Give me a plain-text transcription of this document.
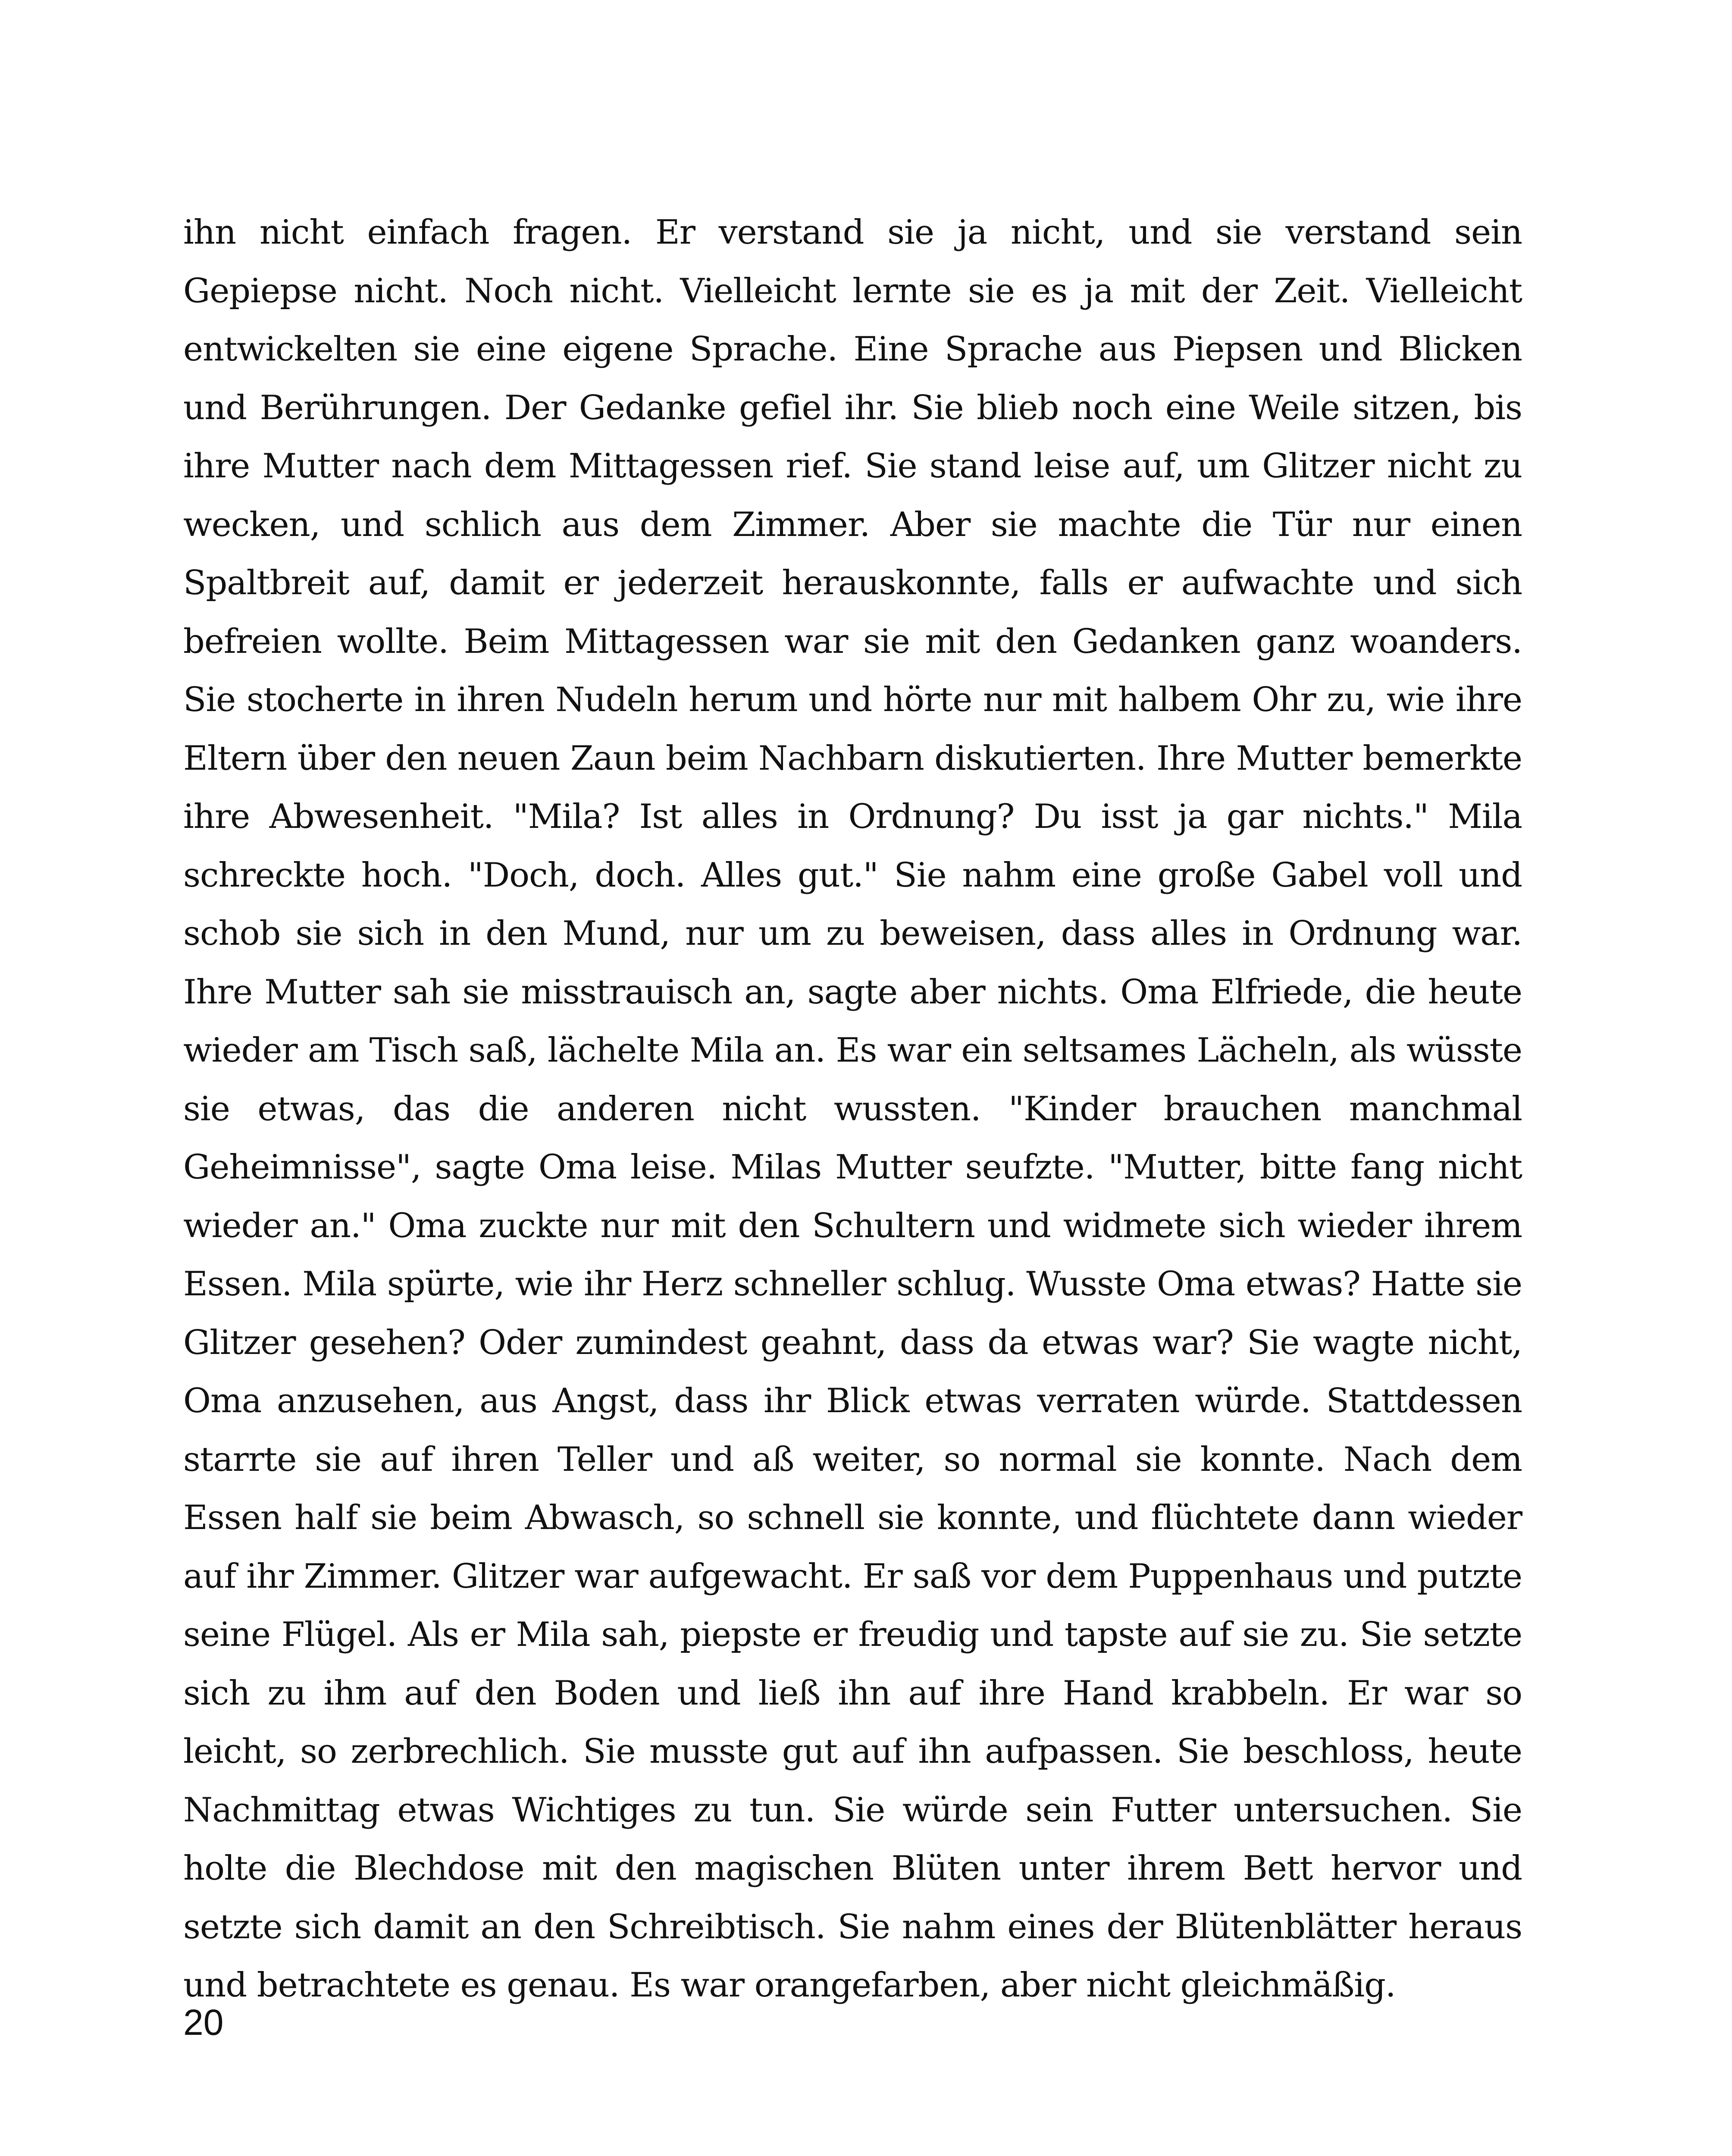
ihn nicht einfach fragen. Er verstand sie ja nicht, und sie verstand sein Gepiepse nicht. Noch nicht. Vielleicht lernte sie es ja mit der Zeit. Vielleicht entwickelten sie eine eigene Sprache. Eine Sprache aus Piepsen und Blicken und Berührungen. Der Gedanke gefiel ihr. Sie blieb noch eine Weile sitzen, bis ihre Mutter nach dem Mittagessen rief. Sie stand leise auf, um Glitzer nicht zu wecken, und schlich aus dem Zimmer. Aber sie machte die Tür nur einen Spaltbreit auf, damit er jederzeit herauskonnte, falls er aufwachte und sich befreien wollte. Beim Mittagessen war sie mit den Gedanken ganz woanders. Sie stocherte in ihren Nudeln herum und hörte nur mit halbem Ohr zu, wie ihre Eltern über den neuen Zaun beim Nachbarn diskutierten. Ihre Mutter bemerkte ihre Abwesenheit. "Mila? Ist alles in Ordnung? Du isst ja gar nichts." Mila schreckte hoch. "Doch, doch. Alles gut." Sie nahm eine große Gabel voll und schob sie sich in den Mund, nur um zu beweisen, dass alles in Ordnung war. Ihre Mutter sah sie misstrauisch an, sagte aber nichts. Oma Elfriede, die heute wieder am Tisch saß, lächelte Mila an. Es war ein seltsames Lächeln, als wüsste sie etwas, das die anderen nicht wussten. "Kinder brauchen manchmal Geheimnisse", sagte Oma leise. Milas Mutter seufzte. "Mutter, bitte fang nicht wieder an." Oma zuckte nur mit den Schultern und widmete sich wieder ihrem Essen. Mila spürte, wie ihr Herz schneller schlug. Wusste Oma etwas? Hatte sie Glitzer gesehen? Oder zumindest geahnt, dass da etwas war? Sie wagte nicht, Oma anzusehen, aus Angst, dass ihr Blick etwas verraten würde. Stattdessen starrte sie auf ihren Teller und aß weiter, so normal sie konnte. Nach dem Essen half sie beim Abwasch, so schnell sie konnte, und flüchtete dann wieder auf ihr Zimmer. Glitzer war aufgewacht. Er saß vor dem Puppenhaus und putzte seine Flügel. Als er Mila sah, piepste er freudig und tapste auf sie zu. Sie setzte sich zu ihm auf den Boden und ließ ihn auf ihre Hand krabbeln. Er war so leicht, so zerbrechlich. Sie musste gut auf ihn aufpassen. Sie beschloss, heute Nachmittag etwas Wichtiges zu tun. Sie würde sein Futter untersuchen. Sie holte die Blechdose mit den magischen Blüten unter ihrem Bett hervor und setzte sich damit an den Schreibtisch. Sie nahm eines der Blütenblätter heraus und betrachtete es genau. Es war orangefarben, aber nicht gleichmäßig.

20
